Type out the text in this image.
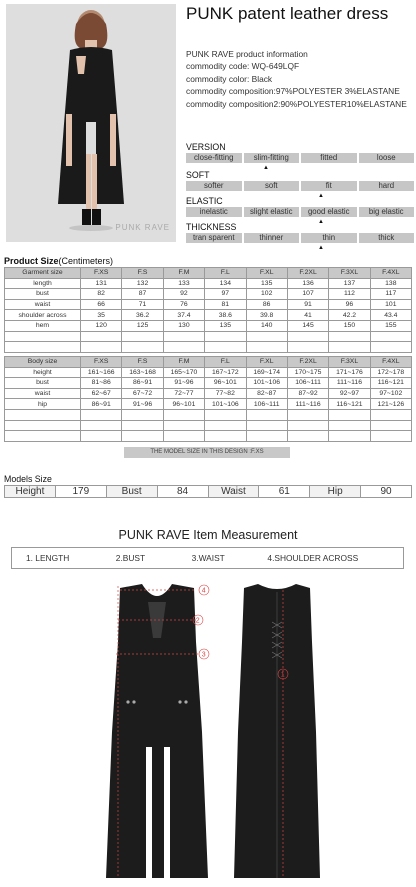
PUNK RAVE
PUNK patent leather dress
PUNK RAVE product information
commodity code: WQ-649LQF
commodity color: Black
commodity composition:97%POLYESTER 3%ELASTANE
commodity composition2:90%POLYESTER10%ELASTANE
VERSION
close-fitting	slim-fitting	fitted	loose
▲
SOFT
softer	soft	fit	hard
▲
ELASTIC
inelastic	slight elastic	good elastic	big elastic
▲
THICKNESS
tran sparent	thinner	thin	thick
▲
Product Size(Centimeters)
Garment size	F.XS	F.S	F.M	F.L	F.XL	F.2XL	F.3XL	F.4XL
length	131	132	133	134	135	136	137	138
bust	82	87	92	97	102	107	112	117
waist	66	71	76	81	86	91	96	101
shoulder across	35	36.2	37.4	38.6	39.8	41	42.2	43.4
hem	120	125	130	135	140	145	150	155

Body size	F.XS	F.S	F.M	F.L	F.XL	F.2XL	F.3XL	F.4XL
height	161~166	163~168	165~170	167~172	169~174	170~175	171~176	172~178
bust	81~86	86~91	91~96	96~101	101~106	106~111	111~116	116~121
waist	62~67	67~72	72~77	77~82	82~87	87~92	92~97	97~102
hip	86~91	91~96	96~101	101~106	106~111	111~116	116~121	121~126

THE MODEL SIZE IN THIS DESIGN :F.XS
Models Size
Height	179	Bust	84	Waist	61	Hip	90
PUNK RAVE Item Measurement
1. LENGTH	2.BUST	3.WAIST	4.SHOULDER ACROSS
4
2
3
1
